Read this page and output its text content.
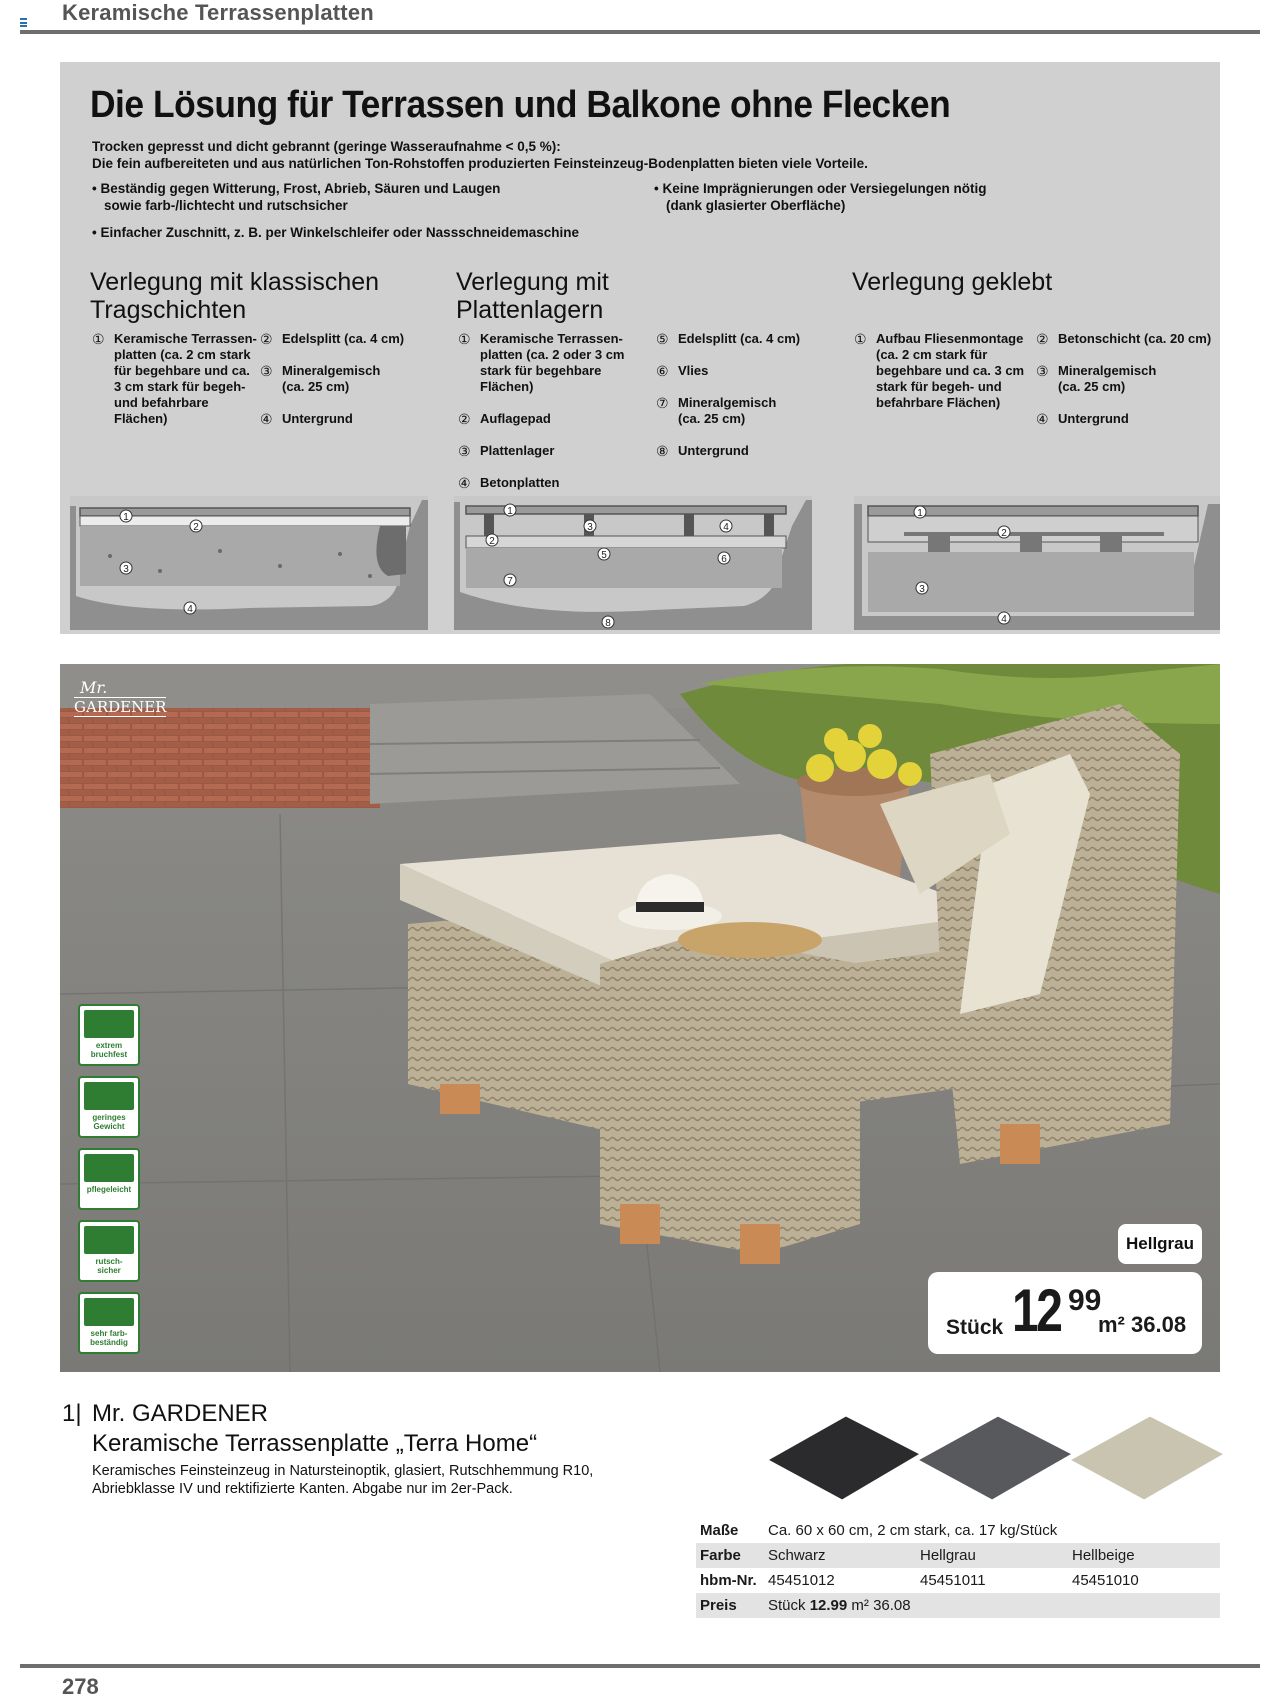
Keramische Terrassenplatten
Die Lösung für Terrassen und Balkone ohne Flecken
Trocken gepresst und dicht gebrannt (geringe Wasseraufnahme < 0,5 %):
Die fein aufbereiteten und aus natürlichen Ton-Rohstoffen produzierten Feinsteinzeug-Bodenplatten bieten viele Vorteile.
• Beständig gegen Witterung, Frost, Abrieb, Säuren und Laugen
sowie farb-/lichtecht und rutschsicher
• Keine Imprägnierungen oder Versiegelungen nötig
(dank glasierter Oberfläche)
• Einfacher Zuschnitt, z. B. per Winkelschleifer oder Nassschneidemaschine
Verlegung mit klassischen
Tragschichten
① Keramische Terrassen-
platten (ca. 2 cm stark
für begehbare und ca.
3 cm stark für begeh-
und befahrbare Flächen)
② Edelsplitt (ca. 4 cm)
③ Mineralgemisch
(ca. 25 cm)
④ Untergrund
Verlegung mit
Plattenlagern
① Keramische Terrassen-
platten (ca. 2 oder 3 cm
stark für begehbare Flächen)
② Auflagepad
③ Plattenlager
④ Betonplatten
⑤ Edelsplitt (ca. 4 cm)
⑥ Vlies
⑦ Mineralgemisch
(ca. 25 cm)
⑧ Untergrund
Verlegung geklebt
① Aufbau Fliesenmontage
(ca. 2 cm stark für
begehbare und ca. 3 cm
stark für begeh- und
befahrbare Flächen)
② Betonschicht (ca. 20 cm)
③ Mineralgemisch
(ca. 25 cm)
④ Untergrund
1
2
3
4
1
2
3	4
5	6
7
8
1
2
3
4
Mr.
GARDENER
extrem
bruchfest
geringes
Gewicht
pflegeleicht
rutsch-
sicher
sehr farb-
beständig
Hellgrau
Stück 12 99
m² 36.08
1| Mr. GARDENER
Keramische Terrassenplatte „Terra Home“
Keramisches Feinsteinzeug in Natursteinoptik, glasiert, Rutschhemmung R10,
Abriebklasse IV und rektifizierte Kanten. Abgabe nur im 2er-Pack.
Maße Ca. 60 x 60 cm, 2 cm stark, ca. 17 kg/Stück
Farbe Schwarz	Hellgrau	Hellbeige
hbm-Nr. 45451012	45451011	45451010
Preis Stück 12.99 m² 36.08
278
